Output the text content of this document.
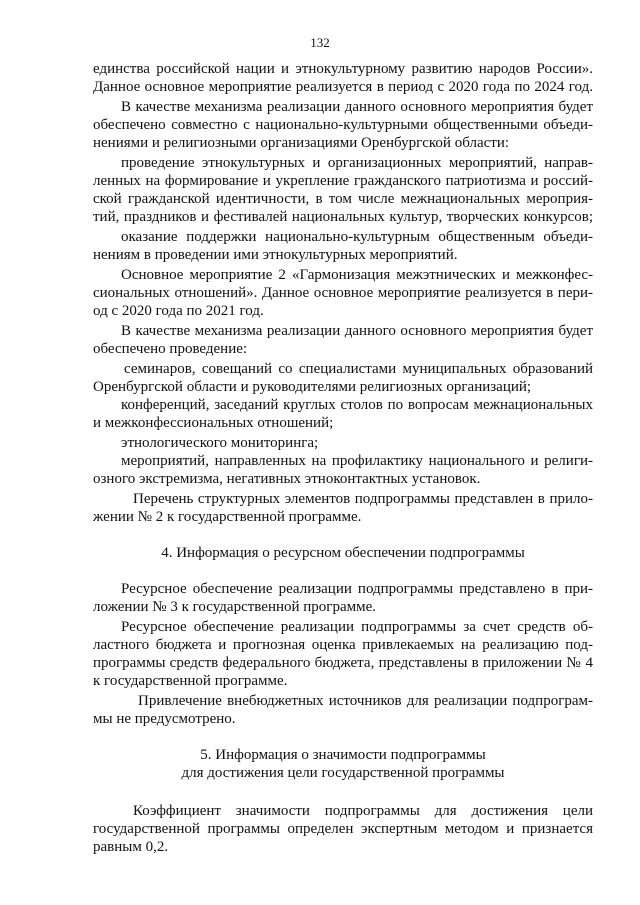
132
единства российской нации и этнокультурному развитию народов России».
Данное основное мероприятие реализуется в период с 2020 года по 2024 год.
В качестве механизма реализации данного основного мероприятия будет
обеспечено совместно с национально-культурными общественными объеди-
нениями и религиозными организациями Оренбургской области:
проведение этнокультурных и организационных мероприятий, направ-
ленных на формирование и укрепление гражданского патриотизма и россий-
ской гражданской идентичности, в том числе межнациональных мероприя-
тий, праздников и фестивалей национальных культур, творческих конкурсов;
оказание поддержки национально-культурным общественным объеди-
нениям в проведении ими этнокультурных мероприятий.
Основное мероприятие 2 «Гармонизация межэтнических и межконфес-
сиональных отношений». Данное основное мероприятие реализуется в пери-
од с 2020 года по 2021 год.
В качестве механизма реализации данного основного мероприятия будет
обеспечено проведение:
семинаров, совещаний со специалистами муниципальных образований
Оренбургской области и руководителями религиозных организаций;
конференций, заседаний круглых столов по вопросам межнациональных
и межконфессиональных отношений;
этнологического мониторинга;
мероприятий, направленных на профилактику национального и религи-
озного экстремизма, негативных этноконтактных установок.
Перечень структурных элементов подпрограммы представлен в прило-
жении № 2 к государственной программе.
4. Информация о ресурсном обеспечении подпрограммы
Ресурсное обеспечение реализации подпрограммы представлено в при-
ложении № 3 к государственной программе.
Ресурсное обеспечение реализации подпрограммы за счет средств об-
ластного бюджета и прогнозная оценка привлекаемых на реализацию под-
программы средств федерального бюджета, представлены в приложении № 4
к государственной программе.
Привлечение внебюджетных источников для реализации подпрограм-
мы не предусмотрено.
5. Информация о значимости подпрограммы
для достижения цели государственной программы
Коэффициент значимости подпрограммы для достижения цели
государственной программы определен экспертным методом и признается
равным 0,2.
